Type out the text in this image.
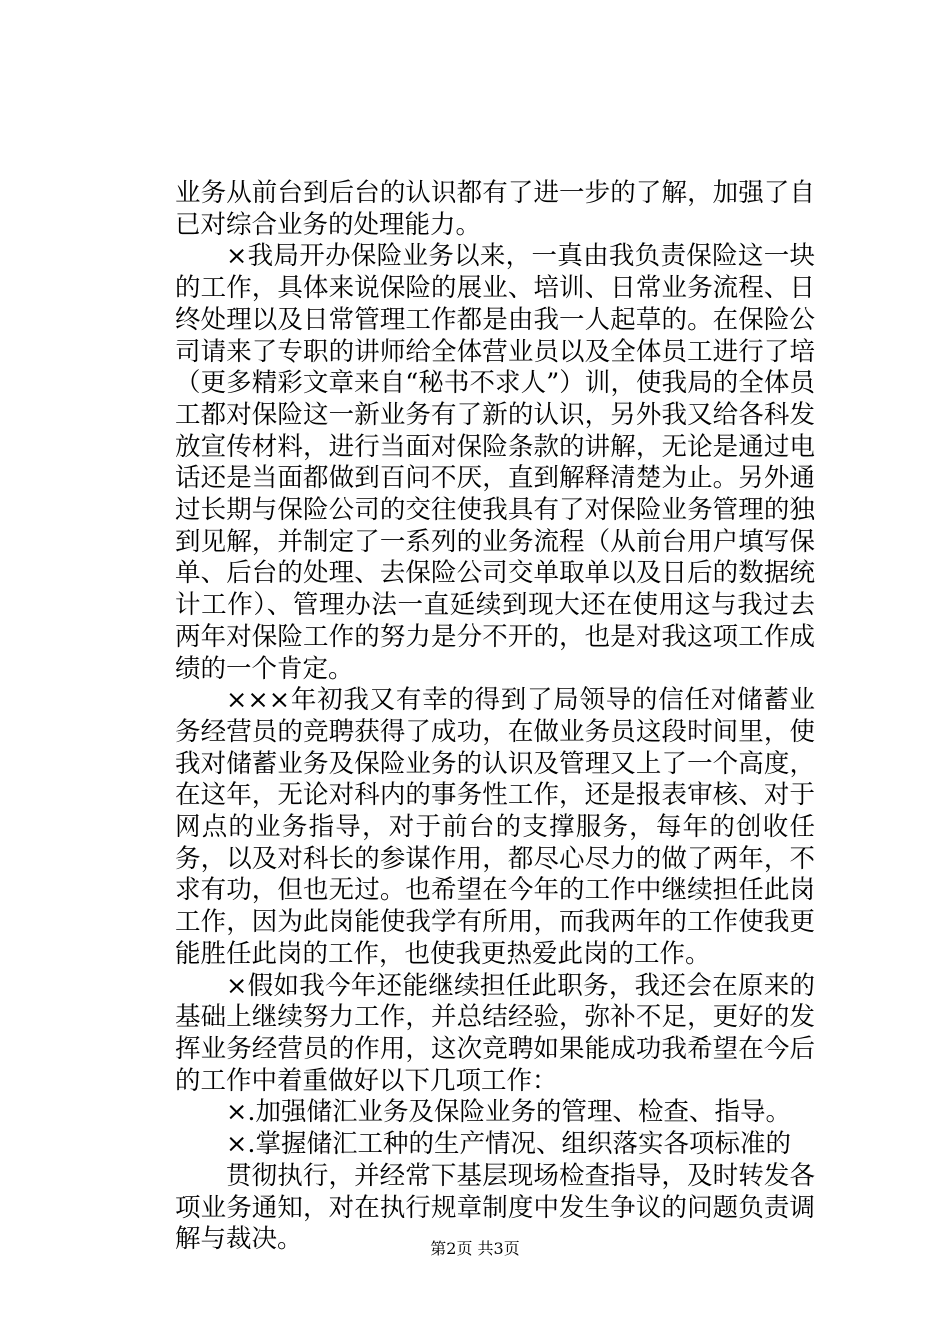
业务从前台到后台的认识都有了进一步的了解，加强了自已对综合业务的处理能力。

×我局开办保险业务以来，一真由我负责保险这一块的工作，具体来说保险的展业、培训、日常业务流程、日终处理以及日常管理工作都是由我一人起草的。在保险公司请来了专职的讲师给全体营业员以及全体员工进行了培（更多精彩文章来自“秘书不求人”）训，使我局的全体员工都对保险这一新业务有了新的认识，另外我又给各科发放宣传材料，进行当面对保险条款的讲解，无论是通过电话还是当面都做到百问不厌，直到解释清楚为止。另外通过长期与保险公司的交往使我具有了对保险业务管理的独到见解，并制定了一系列的业务流程（从前台用户填写保单、后台的处理、去保险公司交单取单以及日后的数据统计工作）、管理办法一直延续到现大还在使用这与我过去两年对保险工作的努力是分不开的，也是对我这项工作成绩的一个肯定。

×××年初我又有幸的得到了局领导的信任对储蓄业务经营员的竞聘获得了成功，在做业务员这段时间里，使我对储蓄业务及保险业务的认识及管理又上了一个高度，在这年，无论对科内的事务性工作，还是报表审核、对于网点的业务指导，对于前台的支撑服务，每年的创收任务，以及对科长的参谋作用，都尽心尽力的做了两年，不求有功，但也无过。也希望在今年的工作中继续担任此岗工作，因为此岗能使我学有所用，而我两年的工作使我更能胜任此岗的工作，也使我更热爱此岗的工作。

×假如我今年还能继续担任此职务，我还会在原来的基础上继续努力工作，并总结经验，弥补不足，更好的发挥业务经营员的作用，这次竞聘如果能成功我希望在今后的工作中着重做好以下几项工作：

×.加强储汇业务及保险业务的管理、检查、指导。

×.掌握储汇工种的生产情况、组织落实各项标准的

贯彻执行，并经常下基层现场检查指导，及时转发各项业务通知，对在执行规章制度中发生争议的问题负责调解与裁决。	第2页 共3页
